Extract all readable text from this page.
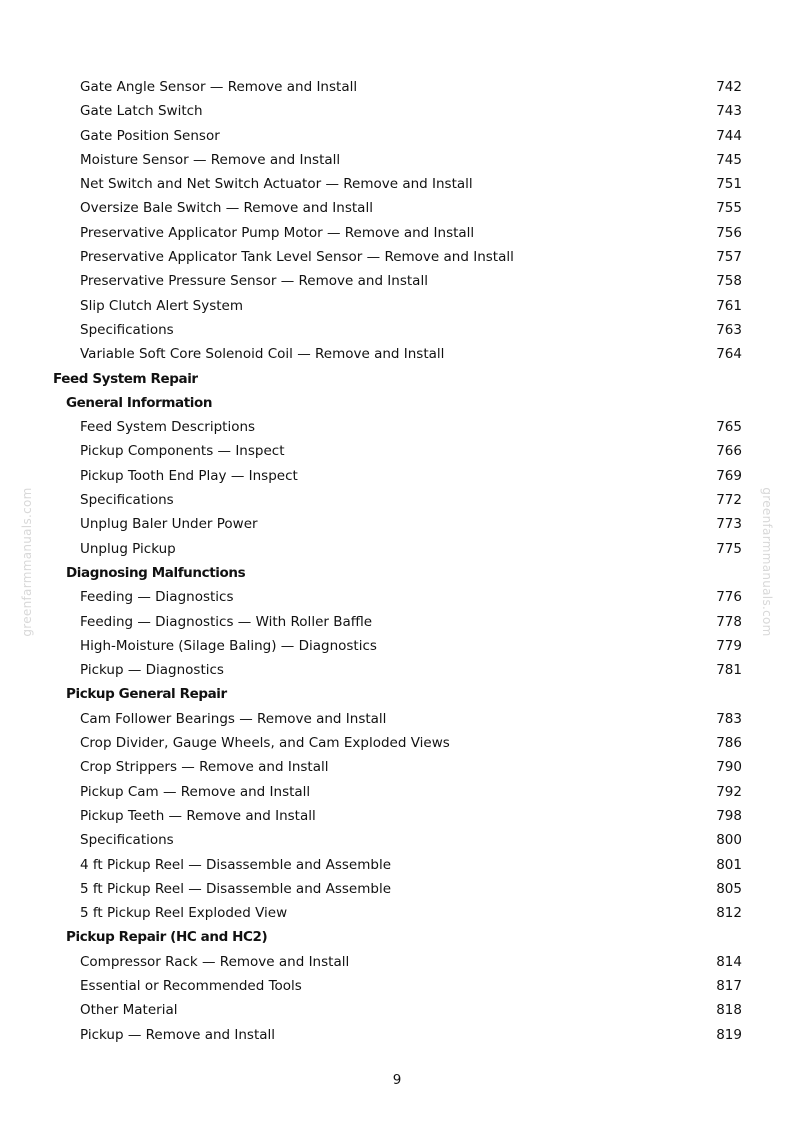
greenfarmmanuals.com	greenfarmmanuals.com
Gate Angle Sensor — Remove and Install	742
Gate Latch Switch	743
Gate Position Sensor	744
Moisture Sensor — Remove and Install	745
Net Switch and Net Switch Actuator — Remove and Install	751
Oversize Bale Switch — Remove and Install	755
Preservative Applicator Pump Motor — Remove and Install	756
Preservative Applicator Tank Level Sensor — Remove and Install	757
Preservative Pressure Sensor — Remove and Install	758
Slip Clutch Alert System	761
Specifications	763
Variable Soft Core Solenoid Coil — Remove and Install	764
Feed System Repair
General Information
Feed System Descriptions	765
Pickup Components — Inspect	766
Pickup Tooth End Play — Inspect	769
Specifications	772
Unplug Baler Under Power	773
Unplug Pickup	775
Diagnosing Malfunctions
Feeding — Diagnostics	776
Feeding — Diagnostics — With Roller Baffle	778
High-Moisture (Silage Baling) — Diagnostics	779
Pickup — Diagnostics	781
Pickup General Repair
Cam Follower Bearings — Remove and Install	783
Crop Divider, Gauge Wheels, and Cam Exploded Views	786
Crop Strippers — Remove and Install	790
Pickup Cam — Remove and Install	792
Pickup Teeth — Remove and Install	798
Specifications	800
4 ft Pickup Reel — Disassemble and Assemble	801
5 ft Pickup Reel — Disassemble and Assemble	805
5 ft Pickup Reel Exploded View	812
Pickup Repair (HC and HC2)
Compressor Rack — Remove and Install	814
Essential or Recommended Tools	817
Other Material	818
Pickup — Remove and Install	819
9
